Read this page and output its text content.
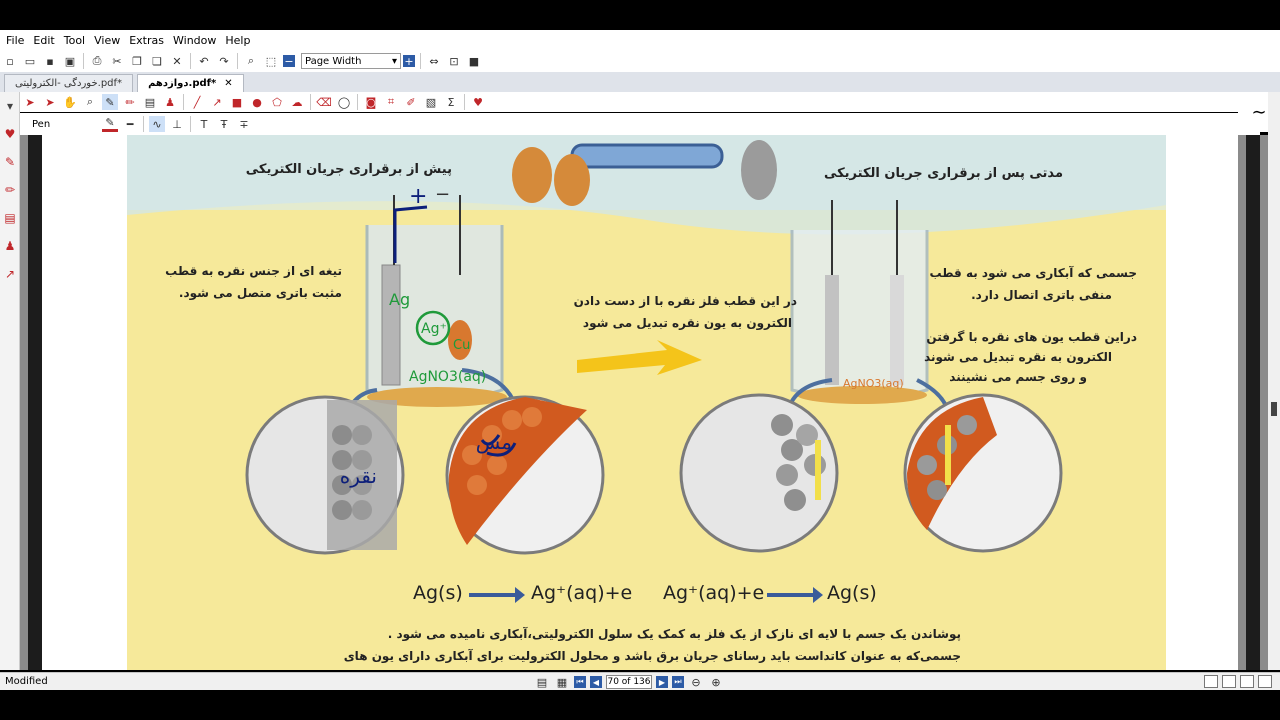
File Edit Tool View Extras Window Help
▫	▭	▪	▣	⎙ ✂ ❐ ❏ ✕	↶ ↷	⌕	⬚ − Page Width	▾ +	⇔ ⊡ ■
خوردگی -الکترولیتی.pdf*	دوازدهم.pdf* ✕
➤ ➤ ✋ ⌕	✎ ✏ ▤ ♟	╱	↗ ■ ● ⬠ ☁ ⌫ ◯ ◙	⌗	✐ ▧	Σ	♥
Pen	✎	━	∿ ⊥	T	Ŧ	∓
▾
♥
✎
✏
▤
♟
↗
∼
+ −
Ag
Ag⁺
Cu
AgNO3(aq)
مس
نقره
AgNO3(aq)
پیش از برقراری جریان الکتریکی	مدتی پس از برقراری جریان الکتریکی
تیغه ای از جنس نقره به قطب
مثبت باتری متصل می شود.
در این قطب فلز نقره با از دست دادن
الکترون به یون نقره تبدیل می شود
جسمی که آبکاری می شود به قطب
منفی باتری اتصال دارد.
دراین قطب یون های نقره با گرفتن
الکترون به نقره تبدیل می شوند
و روی جسم می نشینند
Ag(s)	Ag⁺(aq)+e Ag⁺(aq)+e	Ag(s)
پوشاندن یک جسم با لایه ای نازک از یک فلز به کمک یک سلول الکترولیتی،آبکاری نامیده می شود .
جسمی‌که به عنوان کاتداست باید رسانای جریان برق باشد و محلول الکترولیت برای آبکاری دارای یون های
Modified	▤ ▦	⏮	◀ 70 of 136	▶	⏭ ⊖ ⊕
